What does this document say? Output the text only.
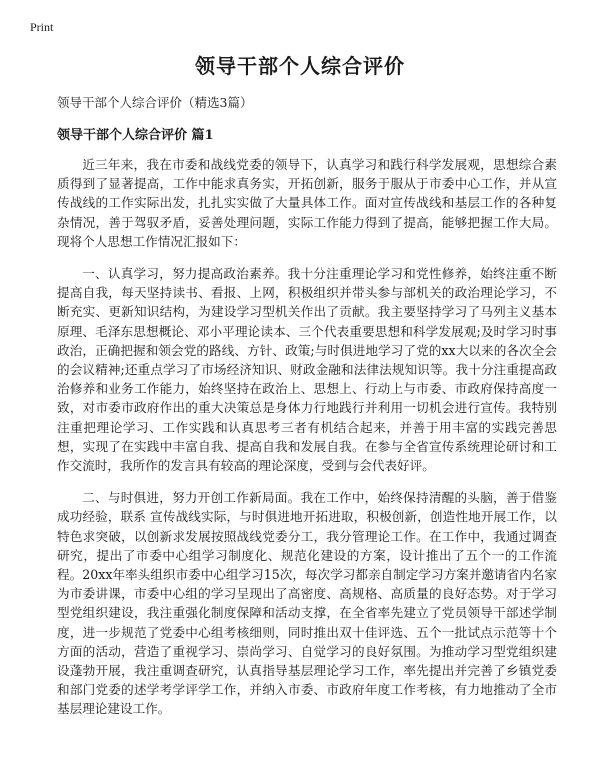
Print
领导干部个人综合评价
领导干部个人综合评价（精选3篇）
领导干部个人综合评价 篇1

近三年来，我在市委和战线党委的领导下，认真学习和践行科学发展观，思想综合素质得到了显著提高，工作中能求真务实，开拓创新，服务于服从于市委中心工作，并从宣传战线的工作实际出发，扎扎实实做了大量具体工作。面对宣传战线和基层工作的各种复杂情况，善于驾驭矛盾，妥善处理问题，实际工作能力得到了提高，能够把握工作大局。现将个人思想工作情况汇报如下：

一、认真学习，努力提高政治素养。我十分注重理论学习和党性修养，始终注重不断提高自我，每天坚持读书、看报、上网，积极组织并带头参与部机关的政治理论学习，不断充实、更新知识结构，为建设学习型机关作出了贡献。我主要坚持学习了马列主义基本原理、毛泽东思想概论、邓小平理论读本、三个代表重要思想和科学发展观;及时学习时事政治，正确把握和领会党的路线、方针、政策;与时俱进地学习了党的xx大以来的各次全会的会议精神;还重点学习了市场经济知识、财政金融和法律法规知识等。我十分注重提高政治修养和业务工作能力，始终坚持在政治上、思想上、行动上与市委、市政府保持高度一致，对市委市政府作出的重大决策总是身体力行地践行并利用一切机会进行宣传。我特别注重把理论学习、工作实践和认真思考三者有机结合起来，并善于用丰富的实践完善思想，实现了在实践中丰富自我、提高自我和发展自我。在参与全省宣传系统理论研讨和工作交流时，我所作的发言具有较高的理论深度，受到与会代表好评。

二、与时俱进，努力开创工作新局面。我在工作中，始终保持清醒的头脑，善于借鉴成功经验，联系 宣传战线实际，与时俱进地开拓进取，积极创新，创造性地开展工作，以特色求突破，以创新求发展按照战线党委分工，我分管理论工作。在工作中，我通过调查研究，提出了市委中心组学习制度化、规范化建设的方案，设计推出了五个一的工作流程。20xx年率头组织市委中心组学习15次，每次学习都亲自制定学习方案并邀请省内名家为市委讲课，市委中心组的学习呈现出了高密度、高规格、高质量的良好态势。对于学习型党组织建设，我注重强化制度保障和活动支撑，在全省率先建立了党员领导干部述学制度，进一步规范了党委中心组考核细则，同时推出双十佳评选、五个一批试点示范等十个方面的活动，营造了重视学习、崇尚学习、自觉学习的良好氛围。为推动学习型党组织建设蓬勃开展，我注重调查研究，认真指导基层理论学习工作，率先提出并完善了乡镇党委和部门党委的述学考学评学工作，并纳入市委、市政府年度工作考核，有力地推动了全市基层理论建设工作。
